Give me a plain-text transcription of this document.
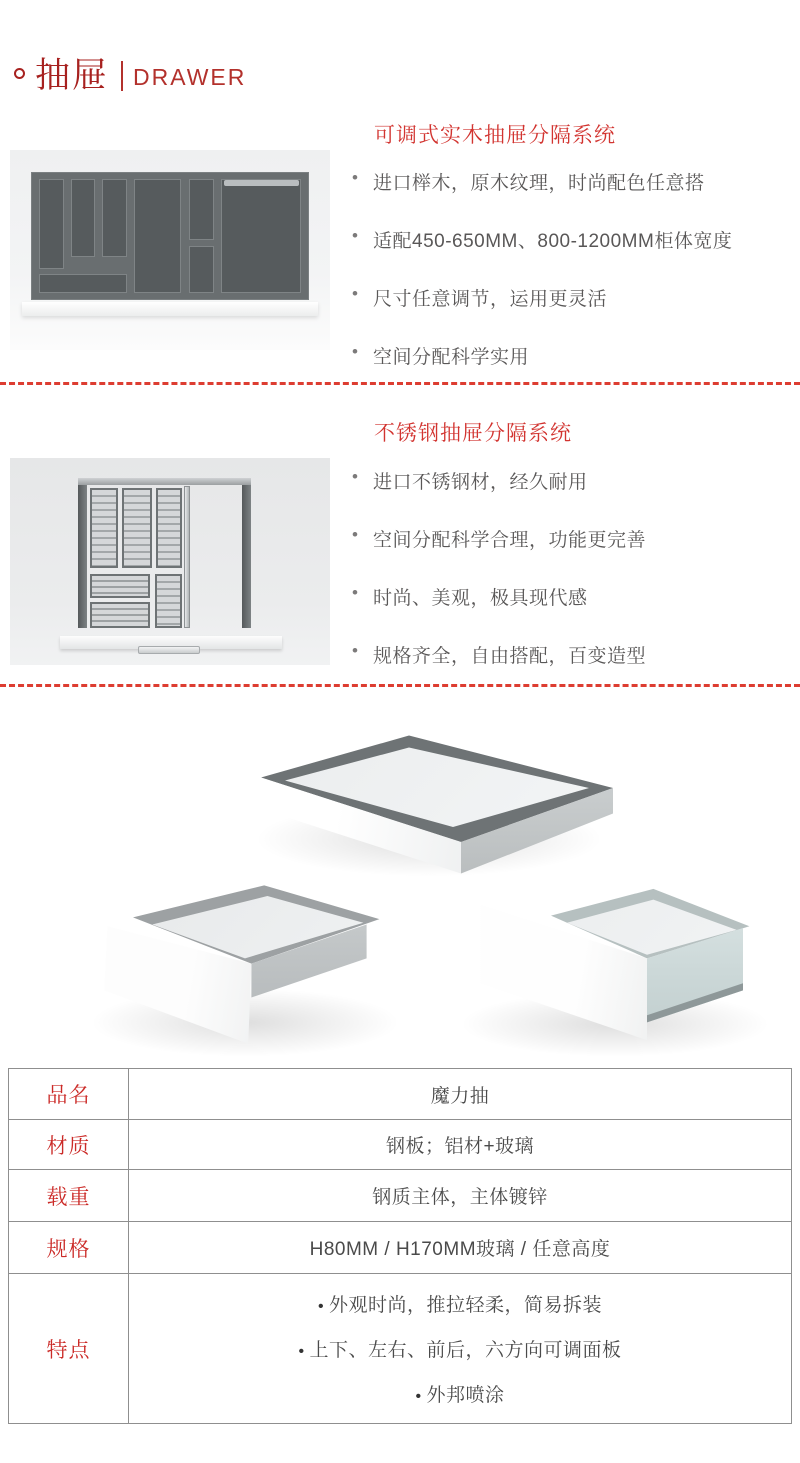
抽屉 DRAWER
可调式实木抽屉分隔系统
• 进口榉木，原木纹理，时尚配色任意搭
• 适配450-650MM、800-1200MM柜体宽度
• 尺寸任意调节，运用更灵活
• 空间分配科学实用
不锈钢抽屉分隔系统
• 进口不锈钢材，经久耐用
• 空间分配科学合理，功能更完善
• 时尚、美观，极具现代感
• 规格齐全，自由搭配，百变造型
品名	魔力抽
材质	钢板；铝材+玻璃
载重	钢质主体，主体镀锌
规格	H80MM / H170MM玻璃 / 任意高度
特点
• 外观时尚，推拉轻柔，简易拆装
• 上下、左右、前后，六方向可调面板
• 外邦喷涂
